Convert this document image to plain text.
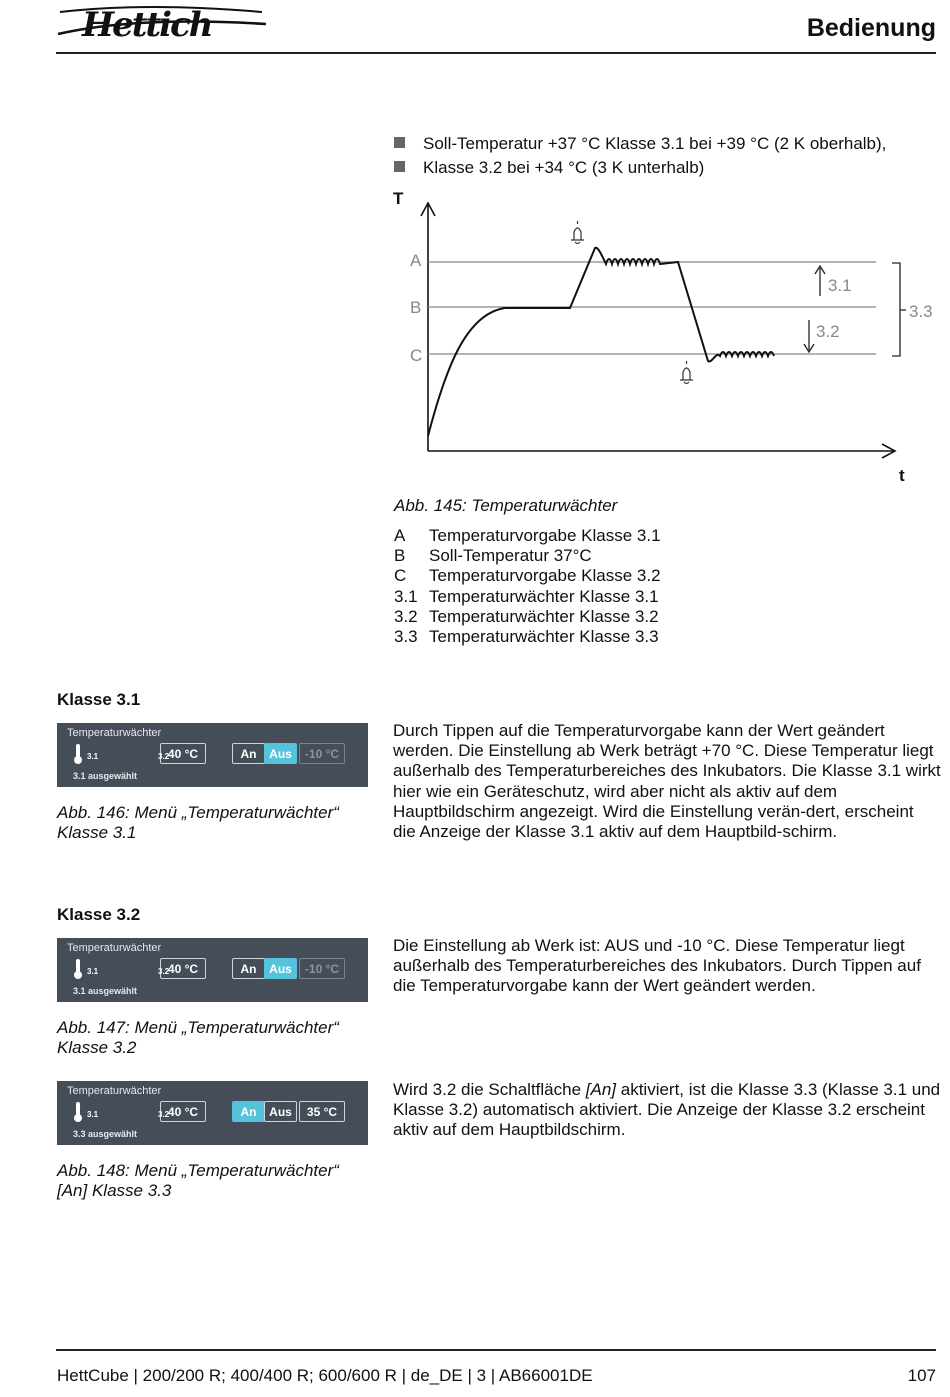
Hettich	Bedienung
Soll-Temperatur +37 °C Klasse 3.1 bei +39 °C (2 K oberhalb),
Klasse 3.2 bei +34 °C (3 K unterhalb)
A
B
C
3.1
3.2
3.3
T
t
Abb. 145: Temperaturwächter
A	Temperaturvorgabe Klasse 3.1
B	Soll-Temperatur 37°C
C	Temperaturvorgabe Klasse 3.2
3.1 Temperaturwächter Klasse 3.1
3.2 Temperaturwächter Klasse 3.2
3.3 Temperaturwächter Klasse 3.3
Klasse 3.1
Temperaturwächter
3.1	40 °C
3.2	An	Aus	-10 °C
3.1 ausgewählt
Abb. 146: Menü „Temperaturwächter“
Klasse 3.1
Durch Tippen auf die Temperaturvorgabe kann der Wert geändert werden. Die Einstellung ab Werk beträgt +70 °C. Diese Temperatur liegt außerhalb des Temperaturbereiches des Inkubators. Die Klasse 3.1 wirkt hier wie ein Geräteschutz, wird aber nicht als aktiv auf dem Hauptbildschirm angezeigt. Wird die Einstellung verän-dert, erscheint die Anzeige der Klasse 3.1 aktiv auf dem Hauptbild-schirm.
Klasse 3.2
Temperaturwächter
3.1	40 °C
3.2	An	Aus	-10 °C
3.1 ausgewählt
Abb. 147: Menü „Temperaturwächter“
Klasse 3.2
Die Einstellung ab Werk ist: AUS und -10 °C. Diese Temperatur liegt außerhalb des Temperaturbereiches des Inkubators. Durch Tippen auf die Temperaturvorgabe kann der Wert geändert werden.
Temperaturwächter
3.1	40 °C
3.2	An	Aus	35 °C
3.3 ausgewählt
Abb. 148: Menü „Temperaturwächter“
[An] Klasse 3.3
Wird 3.2 die Schaltfläche [An] aktiviert, ist die Klasse 3.3 (Klasse 3.1 und Klasse 3.2) automatisch aktiviert. Die Anzeige der Klasse 3.2 erscheint aktiv auf dem Hauptbildschirm.
HettCube | 200/200 R; 400/400 R; 600/600 R | de_DE | 3 | AB66001DE	107
